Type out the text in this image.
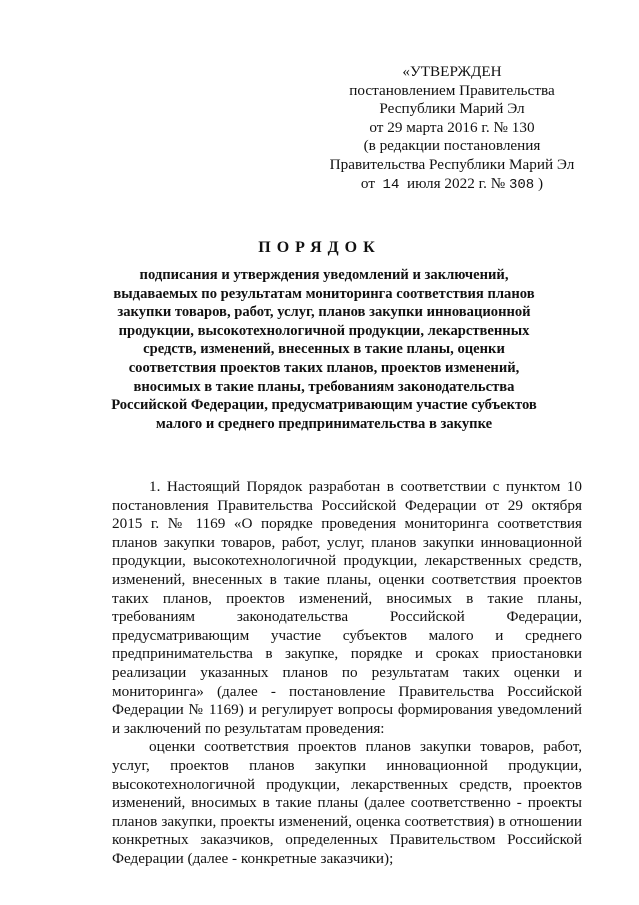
«УТВЕРЖДЕН
постановлением Правительства
Республики Марий Эл
от 29 марта 2016 г. № 130
(в редакции постановления
Правительства Республики Марий Эл
от 14 июля 2022 г. № 308 )
ПОРЯДОК
подписания и утверждения уведомлений и заключений, выдаваемых по результатам мониторинга соответствия планов закупки товаров, работ, услуг, планов закупки инновационной продукции, высокотехнологичной продукции, лекарственных средств, изменений, внесенных в такие планы, оценки соответствия проектов таких планов, проектов изменений, вносимых в такие планы, требованиям законодательства Российской Федерации, предусматривающим участие субъектов малого и среднего предпринимательства в закупке

1. Настоящий Порядок разработан в соответствии с пунктом 10 постановления Правительства Российской Федерации от 29 октября 2015 г. № 1169 «О порядке проведения мониторинга соответствия планов закупки товаров, работ, услуг, планов закупки инновационной продукции, высокотехнологичной продукции, лекарственных средств, изменений, внесенных в такие планы, оценки соответствия проектов таких планов, проектов изменений, вносимых в такие планы, требованиям законодательства Российской Федерации, предусматривающим участие субъектов малого и среднего предпринимательства в закупке, порядке и сроках приостановки реализации указанных планов по результатам таких оценки и мониторинга» (далее - постановление Правительства Российской Федерации № 1169) и регулирует вопросы формирования уведомлений и заключений по результатам проведения:

оценки соответствия проектов планов закупки товаров, работ, услуг, проектов планов закупки инновационной продукции, высокотехнологичной продукции, лекарственных средств, проектов изменений, вносимых в такие планы (далее соответственно - проекты планов закупки, проекты изменений, оценка соответствия) в отношении конкретных заказчиков, определенных Правительством Российской Федерации (далее - конкретные заказчики);
